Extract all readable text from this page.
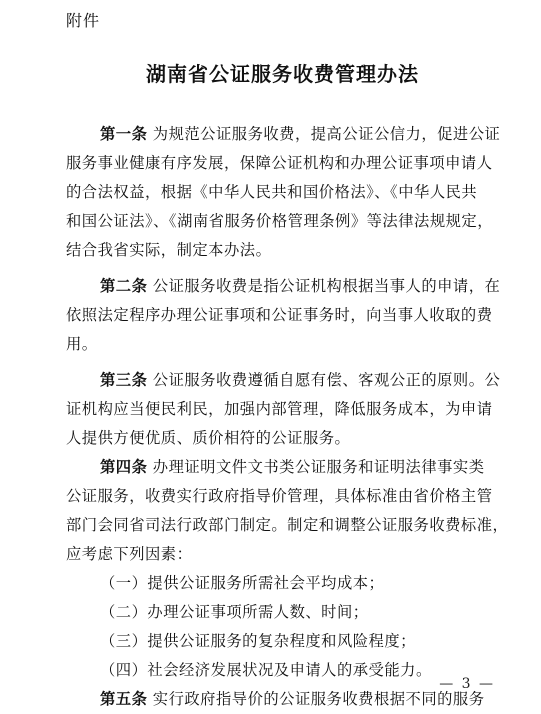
附件
湖南省公证服务收费管理办法
第一条 为规范公证服务收费，提高公证公信力，促进公证
服务事业健康有序发展，保障公证机构和办理公证事项申请人
的合法权益，根据《中华人民共和国价格法》、《中华人民共
和国公证法》、《湖南省服务价格管理条例》等法律法规规定，
结合我省实际，制定本办法。
第二条 公证服务收费是指公证机构根据当事人的申请，在
依照法定程序办理公证事项和公证事务时，向当事人收取的费
用。
第三条 公证服务收费遵循自愿有偿、客观公正的原则。公
证机构应当便民利民，加强内部管理，降低服务成本，为申请
人提供方便优质、质价相符的公证服务。
第四条 办理证明文件文书类公证服务和证明法律事实类
公证服务，收费实行政府指导价管理，具体标准由省价格主管
部门会同省司法行政部门制定。制定和调整公证服务收费标准，
应考虑下列因素：
（一）提供公证服务所需社会平均成本；
（二）办理公证事项所需人数、时间；
（三）提供公证服务的复杂程度和风险程度；
（四）社会经济发展状况及申请人的承受能力。
第五条 实行政府指导价的公证服务收费根据不同的服务
— 3 —
